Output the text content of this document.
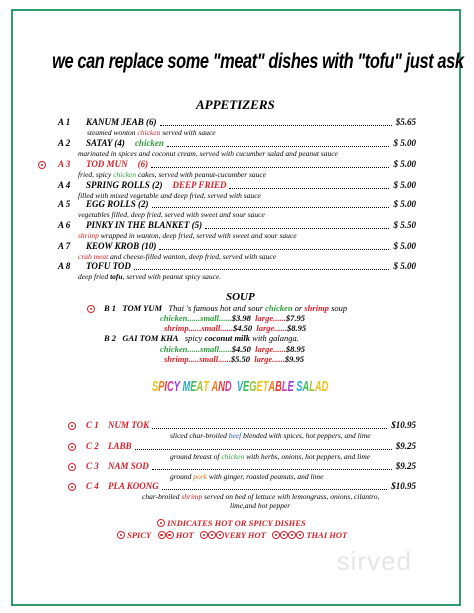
we can replace some "meat" dishes with "tofu" just ask
APPETIZERS
A 1 KANUM JEAB (6)	$5.65
steamed wonton chicken served with sauce
A 2 SATAY (4) chicken	$ 5.00
marinated in spices and coconut cream, served with cucumber salad and peanut sauce
A 3 TOD MUN (6)	$ 5.00
fried, spicy chicken cakes, served with peanut-cucumber sauce
A 4 SPRING ROLLS (2) DEEP FRIED	$ 5.00
filled with mixed vegetable and deep fried, served with sauce
A 5 EGG ROLLS (2)	$ 5.00
vegetables filled, deep fried, served with sweet and sour sauce
A 6 PINKY IN THE BLANKET (5)	$ 5.50
shrimp wrapped in wanton, deep fried, served with sweet and sour sauce
A 7 KEOW KROB (10)	$ 5.00
crab meat and cheese-filled wanton, deep fried, served with sauce
A 8 TOFU TOD	$ 5.00
deep fried tofu, served with peanut spicy sauce.
SOUP
B 1 TOM YUM Thai 's famous hot and sour chicken or shrimp soup
chicken......small......$3.98 large......$7.95
shrimp......small......$4.50 large......$8.95
B 2 GAI TOM KHA spicy coconut milk with galanga.
chicken......small......$4.50 large......$8.95
shrimp.....small......$5.50 large......$9.95
SPICY MEAT AND VEGETABLE SALAD
C 1 NUM TOK	$10.95
sliced char-broiled beef blended with spices, hot peppers, and lime
C 2 LABB	$9.25
ground breast of chicken with herbs, onions, hot peppers, and lime
C 3 NAM SOD	$9.25
ground pork with ginger, roasted peanuts, and lime
C 4 PLA KOONG	$10.95
char-broiled shrimp served on bed of lettuce with lemongrass, onions, cilantro,
lime,and hot pepper
INDICATES HOT OR SPICY DISHES
SPICY	HOT	VERY HOT	THAI HOT
sirved
